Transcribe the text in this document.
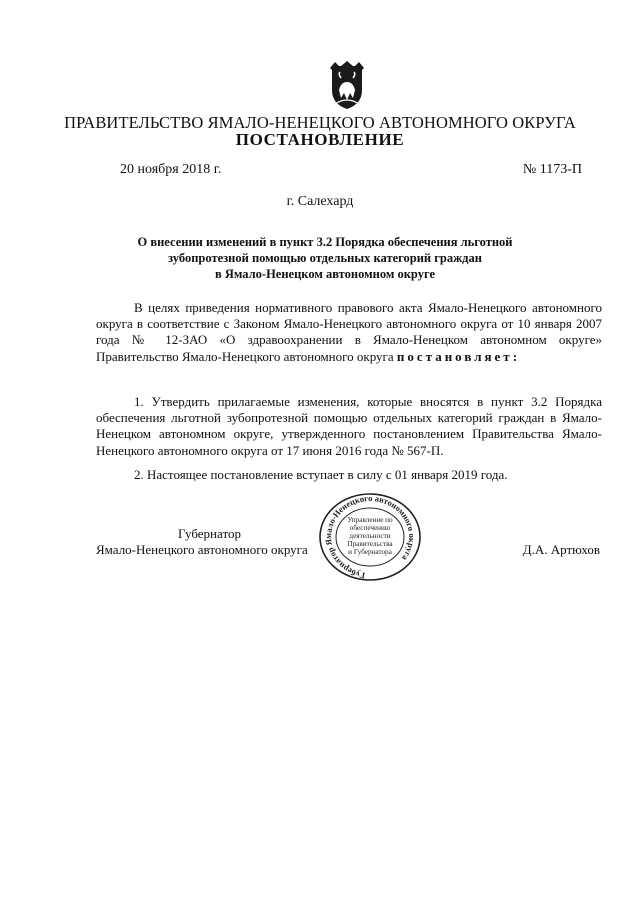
ПРАВИТЕЛЬСТВО ЯМАЛО-НЕНЕЦКОГО АВТОНОМНОГО ОКРУГА
ПОСТАНОВЛЕНИЕ
20 ноября 2018 г.	№ 1173-П
г. Салехард
О внесении изменений в пункт 3.2 Порядка обеспечения льготной
зубопротезной помощью отдельных категорий граждан
в Ямало-Ненецком автономном округе
В целях приведения нормативного правового акта Ямало-Ненецкого автономного округа в соответствие с Законом Ямало-Ненецкого автономного округа от 10 января 2007 года № 12-ЗАО «О здравоохранении в Ямало-Ненецком автономном округе» Правительство Ямало-Ненецкого автономного округа постановляет:
1. Утвердить прилагаемые изменения, которые вносятся в пункт 3.2 Порядка обеспечения льготной зубопротезной помощью отдельных категорий граждан в Ямало-Ненецком автономном округе, утвержденного постановлением Правительства Ямало-Ненецкого автономного округа от 17 июня 2016 года № 567-П.
2. Настоящее постановление вступает в силу с 01 января 2019 года.
Губернатор
Ямало-Ненецкого автономного округа	Д.А. Артюхов
Губернатор Ямало-Ненецкого автономного округа
Управление по
обеспечению
деятельности
Правительства
и Губернатора
